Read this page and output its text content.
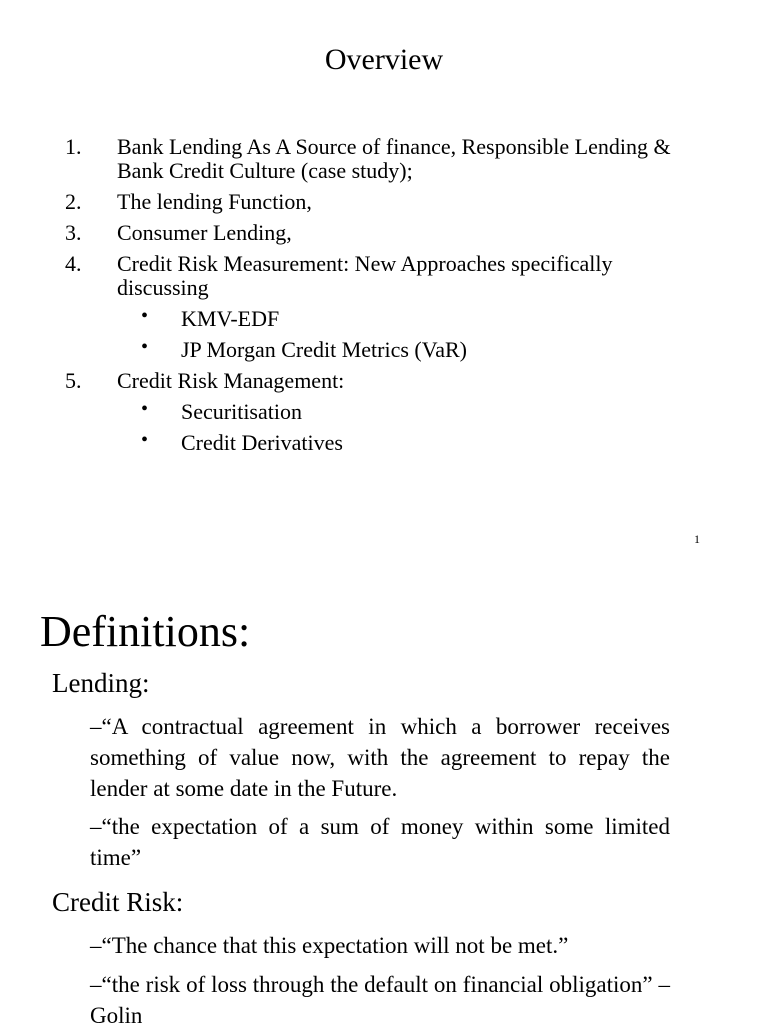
Overview
1. Bank Lending As A Source of finance, Responsible Lending & Bank Credit Culture (case study);
2. The lending Function,
3. Consumer Lending,
4. Credit Risk Measurement: New Approaches specifically discussing
• KMV-EDF
• JP Morgan Credit Metrics (VaR)
5. Credit Risk Management:
• Securitisation
• Credit Derivatives
1
Definitions:
Lending:
–“A contractual agreement in which a borrower receives something of value now, with the agreement to repay the lender at some date in the Future.
–“the expectation of a sum of money within some limited time”
Credit Risk:
–“The chance that this expectation will not be met.”
–“the risk of loss through the default on financial obligation” – Golin
